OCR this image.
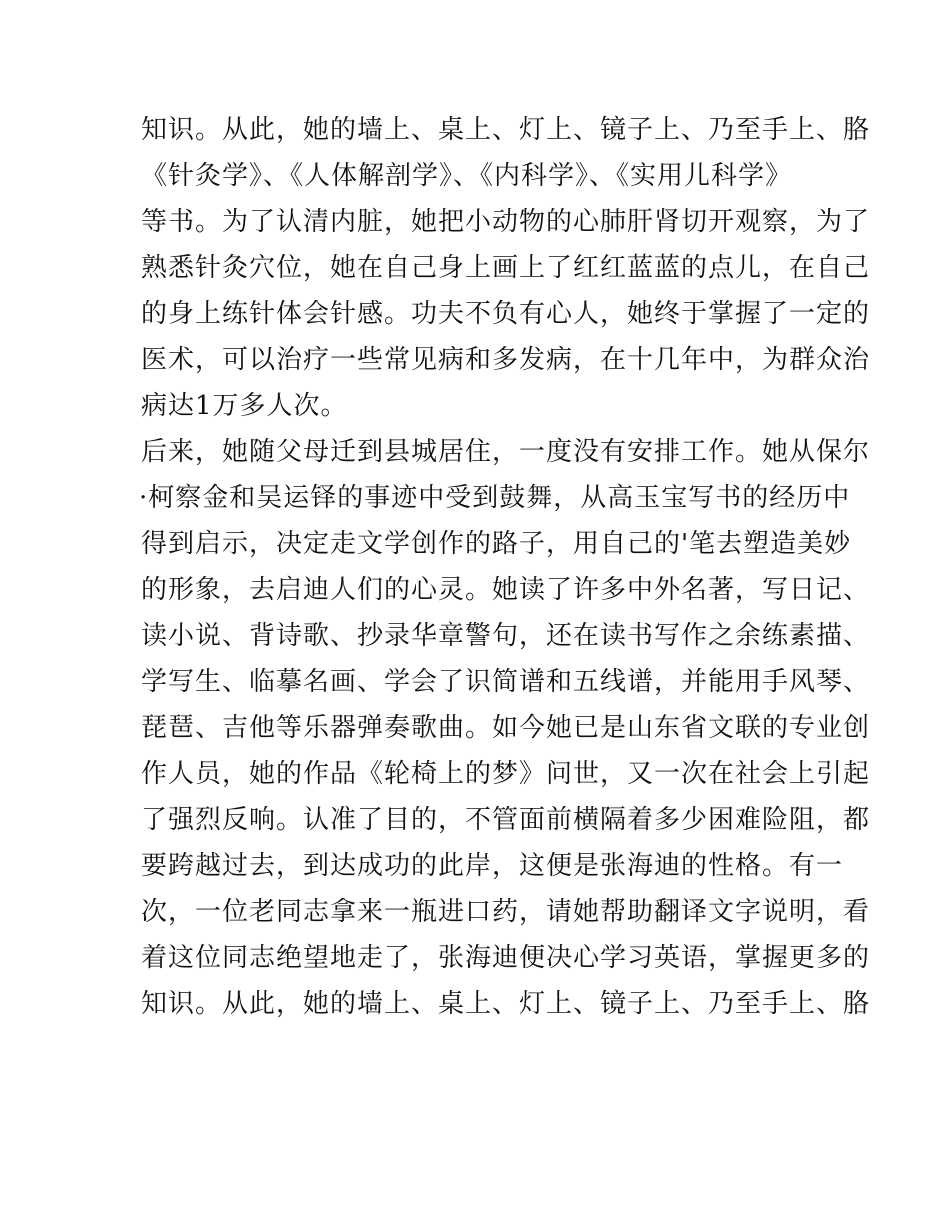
知识。从此，她的墙上、桌上、灯上、镜子上、乃至手上、胳
《针灸学》、《人体解剖学》、《内科学》、《实用儿科学》
等书。为了认清内脏，她把小动物的心肺肝肾切开观察，为了
熟悉针灸穴位，她在自己身上画上了红红蓝蓝的点儿，在自己
的身上练针体会针感。功夫不负有心人，她终于掌握了一定的
医术，可以治疗一些常见病和多发病，在十几年中，为群众治
病达1万多人次。
后来，她随父母迁到县城居住，一度没有安排工作。她从保尔
·柯察金和吴运铎的事迹中受到鼓舞，从高玉宝写书的经历中
得到启示，决定走文学创作的路子，用自己的'笔去塑造美妙
的形象，去启迪人们的心灵。她读了许多中外名著，写日记、
读小说、背诗歌、抄录华章警句，还在读书写作之余练素描、
学写生、临摹名画、学会了识简谱和五线谱，并能用手风琴、
琵琶、吉他等乐器弹奏歌曲。如今她已是山东省文联的专业创
作人员，她的作品《轮椅上的梦》问世，又一次在社会上引起
了强烈反响。认准了目的，不管面前横隔着多少困难险阻，都
要跨越过去，到达成功的此岸，这便是张海迪的性格。有一
次，一位老同志拿来一瓶进口药，请她帮助翻译文字说明，看
着这位同志绝望地走了，张海迪便决心学习英语，掌握更多的
知识。从此，她的墙上、桌上、灯上、镜子上、乃至手上、胳
